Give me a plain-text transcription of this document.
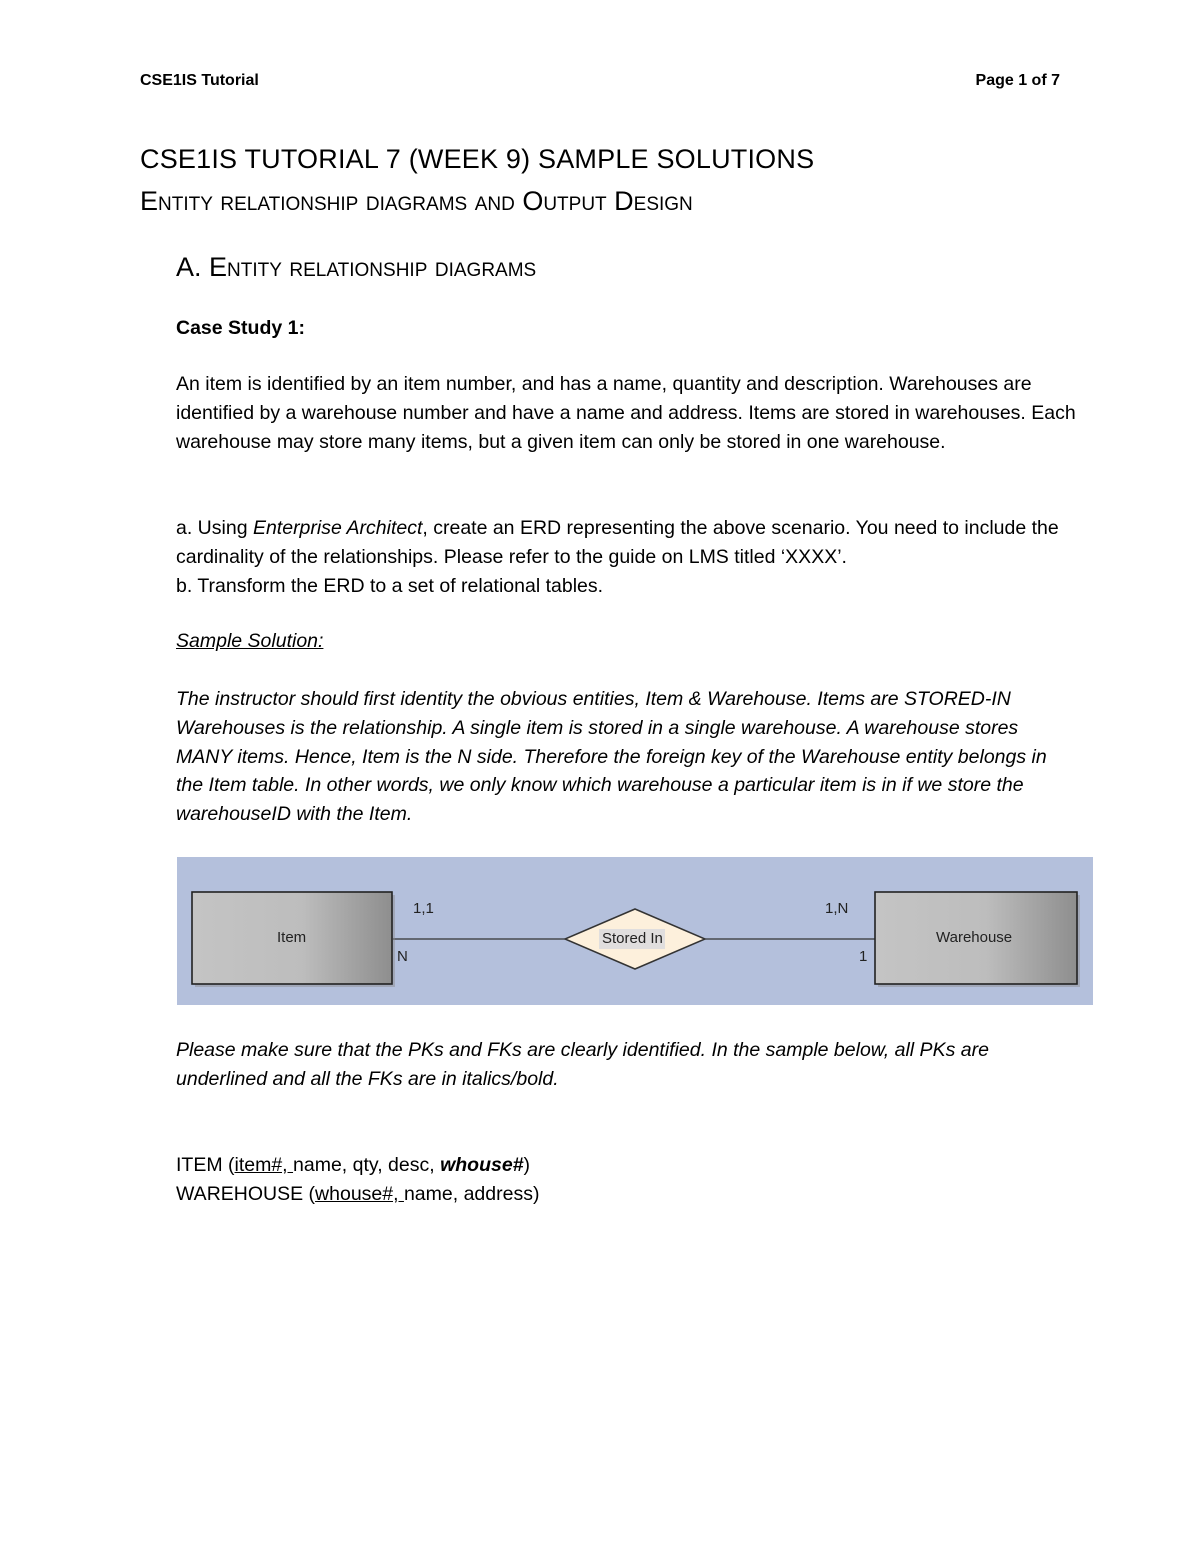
CSE1IS Tutorial	Page 1 of 7
CSE1IS TUTORIAL 7 (WEEK 9) SAMPLE SOLUTIONS
Entity relationship diagrams and Output Design
A. Entity relationship diagrams
Case Study 1:
An item is identified by an item number, and has a name, quantity and description. Warehouses are identified by a warehouse number and have a name and address. Items are stored in warehouses. Each warehouse may store many items, but a given item can only be stored in one warehouse.
a. Using Enterprise Architect, create an ERD representing the above scenario. You need to include the cardinality of the relationships. Please refer to the guide on LMS titled ‘XXXX’.
b. Transform the ERD to a set of relational tables.
Sample Solution:
The instructor should first identity the obvious entities, Item & Warehouse. Items are STORED-IN Warehouses is the relationship. A single item is stored in a single warehouse. A warehouse stores MANY items. Hence, Item is the N side. Therefore the foreign key of the Warehouse entity belongs in the Item table. In other words, we only know which warehouse a particular item is in if we store the warehouseID with the Item.
Item	Warehouse
Stored In
1,1
N
1,N
1
Please make sure that the PKs and FKs are clearly identified. In the sample below, all PKs are underlined and all the FKs are in italics/bold.
ITEM (item#, name, qty, desc, whouse#)
WAREHOUSE (whouse#, name, address)
